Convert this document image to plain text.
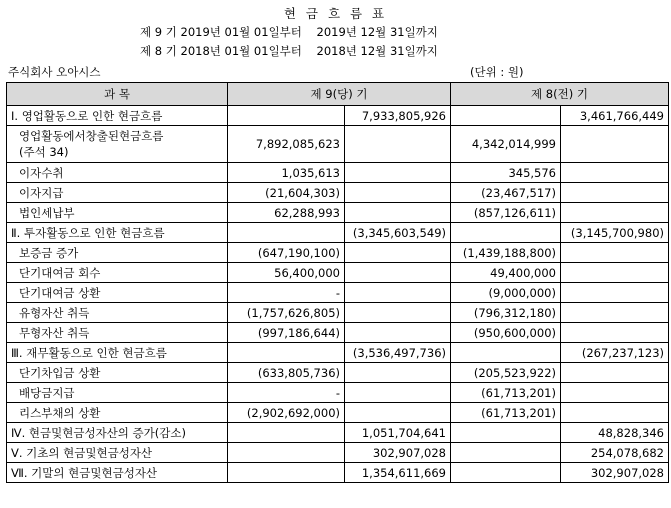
현 금 흐 름 표
제 9 기 2019년 01월 01일부터    2019년 12월 31일까지
제 8 기 2018년 01월 01일부터    2018년 12월 31일까지
주식회사 오아시스	(단위 : 원)
과 목	제 9(당) 기		제 8(전) 기	
Ⅰ. 영업활동으로 인한 현금흐름		7,933,805,926		3,461,766,449

영업활동에서창출된현금흐름
(주석 34)	7,892,085,623		4,342,014,999	
이자수취	1,035,613		345,576	
이자지급	(21,604,303)		(23,467,517)	
법인세납부	62,288,993		(857,126,611)	
Ⅱ. 투자활동으로 인한 현금흐름		(3,345,603,549)		(3,145,700,980)
보증금 증가	(647,190,100)		(1,439,188,800)	
단기대여금 회수	56,400,000		49,400,000	
단기대여금 상환	-		(9,000,000)	
유형자산 취득	(1,757,626,805)		(796,312,180)	
무형자산 취득	(997,186,644)		(950,600,000)	
Ⅲ. 재무활동으로 인한 현금흐름		(3,536,497,736)		(267,237,123)
단기차입금 상환	(633,805,736)		(205,523,922)	
배당금지급	-		(61,713,201)	
리스부채의 상환	(2,902,692,000)		(61,713,201)	
Ⅳ. 현금및현금성자산의 증가(감소)		1,051,704,641		48,828,346
Ⅴ. 기초의 현금및현금성자산		302,907,028		254,078,682
Ⅶ. 기말의 현금및현금성자산		1,354,611,669		302,907,028
